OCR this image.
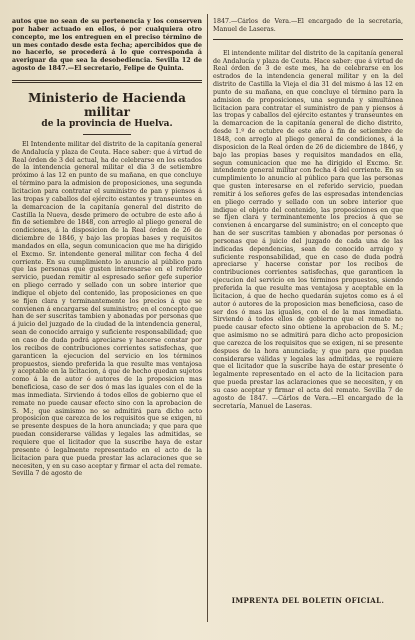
autos que no sean de su pertenencia y los conserven por haber actuado en ellos, ó por cualquiera otro concepto, me los entreguen en el preciso término de un mes contado desde esta fecha; apercibidos que de no hacerlo, se procederá á lo que corresponda á averiguar da que sea la desobediencia. Sevilla 12 de agosto de 1847.—El secretario, Felipe de Quinta.

Ministerio de Hacienda militar
de la provincia de Huelva.

El Intendente militar del distrito de la capitanía general de Andalucía y plaza de Ceuta. Hace saber: que á virtud de Real órden de 3 del actual, ha de celebrarse en los estados de la intendencia general militar el dia 3 de setiembre próximo á las 12 en punto de su mañana, en que concluye el término para la admision de proposiciones, una segunda licitacion para contratar el suministro de pan y piensos á las tropas y caballos del ejército estantes y transeuntes en la demarcacion de la capitanía general del distrito de Castilla la Nueva, desde primero de octubre de este año á fin de setiembre de 1848, con arreglo al pliego general de condiciones, á la disposicion de la Real órden de 26 de diciembre de 1846, y bajo las propias bases y requisitos mandados en ella, segun comunicacion que me ha dirigido el Excmo. Sr. intendente general militar con fecha 4 del corriente. En su cumplimiento lo anuncio al público para que las personas que gusten interesarse en el referido servicio, puedan remitir al espresado señor gefe superior en pliego cerrado y sellado con un sobre interior que indique el objeto del contenido, las proposiciones en que se fijen clara y terminantemente los precios á que se convienen á encargarse del suministro; en el concepto que han de ser suscritas tambien y abonadas por personas que á juicio del juzgado de la ciudad de la intendencia general, sean de conocido arraigo y suficiente responsabilidad; que en caso de duda podrá apreciarse y hacerse constar por los recibos de contribuciones corrientes satisfechas, que garanticen la ejecucion del servicio en los términos propuestos, siendo preferida la que resulte mas ventajosa y aceptable en la licitacion, á que de hecho quedan sujetos como á la de autor ó autores de la proposicion mas beneficiosa, caso de ser dos ó mas las iguales con el de la mas inmediata. Sirviendo á todos ellos de gobierno que el remate no puede causar efecto sino con la aprobacion de S. M.; que asimismo no se admitirá para dicho acto proposicion que carezca de los requisitos que se exigen, ni se presente despues de la hora anunciada; y que para que puedan considerarse válidas y legales las admitidas, se requiere que el licitador que la suscribe haya de estar presente ó legalmente representado en el acto de la licitacion para que pueda prestar las aclaraciones que se necesiten, y en su caso aceptar y firmar el acta del remate. Sevilla 7 de agosto de

1847.—Cárlos de Vera.—El encargado de la secretaría, Manuel de Laseras.

El intendente militar del distrito de la capitanía general de Andalucía y plaza de Ceuta. Hace saber: que á virtud de Real órden de 3 de este mes, ha de celebrarse en los estrados de la intendencia general militar y en la del distrito de Castilla la Vieja el dia 31 del mismo á las 12 en punto de su mañana, en que concluye el término para la admision de proposiciones, una segunda y simultánea licitacion para contratar el suministro de pan y piensos á las tropas y caballos del ejército estantes y transeuntes en la demarcacion de la capitanía general de dicho distrito, desde 1.º de octubre de este año á fin de setiembre de 1848, con arreglo al pliego general de condiciones, á la disposicion de la Real órden de 26 de diciembre de 1846, y bajo las propias bases y requisitos mandados en ella, segun comunicacion que me ha dirigido el Excmo. Sr. intendente general militar con fecha 4 del corriente. En su cumplimiento lo anuncio al público para que las personas que gusten interesarse en el referido servicio, puedan remitir á los señores gefes de las espresadas intendencias en pliego cerrado y sellado con un sobre interior que indique el objeto del contenido, las proposiciones en que se fijen clara y terminantemente los precios á que se convienen á encargarse del suministro; en el concepto que han de ser suscritas tambien y abonadas por personas ó personas que á juicio del juzgado de cada una de las indicadas dependencias, sean de conocido arraigo y suficiente responsabilidad, que en caso de duda podrá apreciarse y hacerse constar por los recibos de contribuciones corrientes satisfechas, que garanticen la ejecucion del servicio en los términos propuestos, siendo preferida la que resulte mas ventajosa y aceptable en la licitacion, á que de hecho quedarán sujetos como es á el autor ó autores de la proposicion mas beneficiosa, caso de ser dos ó mas las iguales, con el de la mas inmediata. Sirviendo á todos ellos de gobierno que el remate no puede causar efecto sino obtiene la aprobacion de S. M.; que asimismo no se admitirá para dicho acto proposicion que carezca de los requisitos que se exigen, ni se presente despues de la hora anunciada; y que para que puedan considerarse válidas y legales las admitidas, se requiere que el licitador que la suscribe haya de estar presente ó legalmente representado en el acto de la licitacion para que pueda prestar las aclaraciones que se necesiten, y en su caso aceptar y firmar el acta del remate. Sevilla 7 de agosto de 1847. —Cárlos de Vera.—El encargado de la secretaría, Manuel de Laseras.

IMPRENTA DEL BOLETIN OFICIAL.
